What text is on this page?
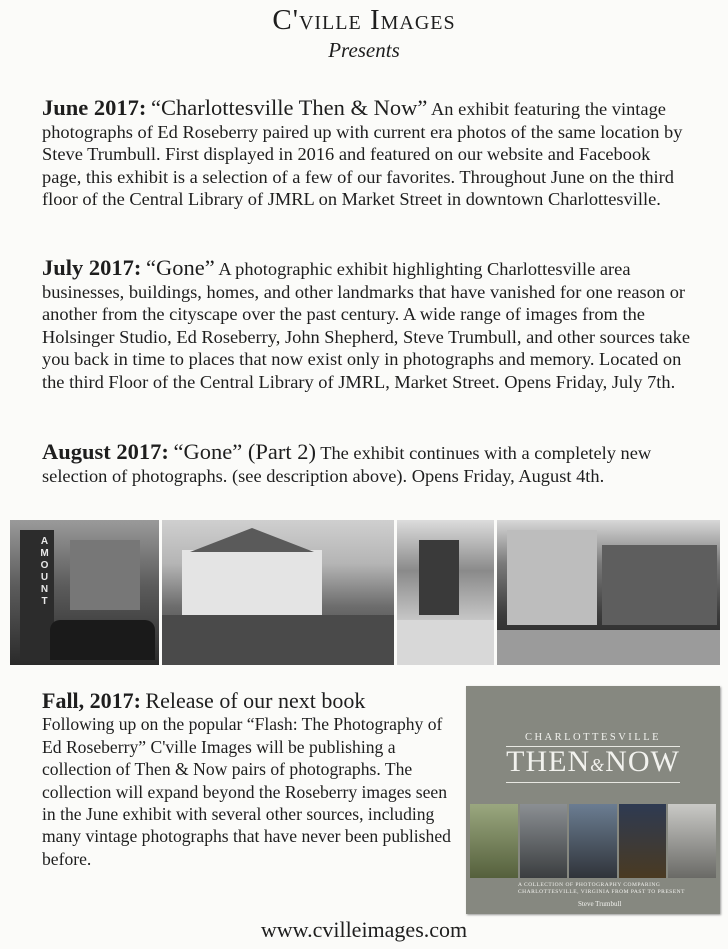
C'ville Images
Presents
June 2017: “Charlottesville Then & Now” An exhibit featuring the vintage photographs of Ed Roseberry paired up with current era photos of the same location by Steve Trumbull. First displayed in 2016 and featured on our website and Facebook page, this exhibit is a selection of a few of our favorites. Throughout June on the third floor of the Central Library of JMRL on Market Street in downtown Charlottesville.
July 2017: “Gone” A photographic exhibit highlighting Charlottesville area businesses, buildings, homes, and other landmarks that have vanished for one reason or another from the cityscape over the past century. A wide range of images from the Holsinger Studio, Ed Roseberry, John Shepherd, Steve Trumbull, and other sources take you back in time to places that now exist only in photographs and memory. Located on the third Floor of the Central Library of JMRL, Market Street. Opens Friday, July 7th.
August 2017: “Gone” (Part 2) The exhibit continues with a completely new selection of photographs. (see description above). Opens Friday, August 4th.
AMOUNT
Fall, 2017: Release of our next book
Following up on the popular “Flash: The Photography of Ed Roseberry” C'ville Images will be publishing a collection of Then & Now pairs of photographs. The collection will expand beyond the Roseberry images seen in the June exhibit with several other sources, including many vintage photographs that have never been published before.
CHARLOTTESVILLE
THEN&NOW
A COLLECTION OF PHOTOGRAPHY COMPARING CHARLOTTESVILLE, VIRGINIA FROM PAST TO PRESENT
Steve Trumbull
www.cvilleimages.com
